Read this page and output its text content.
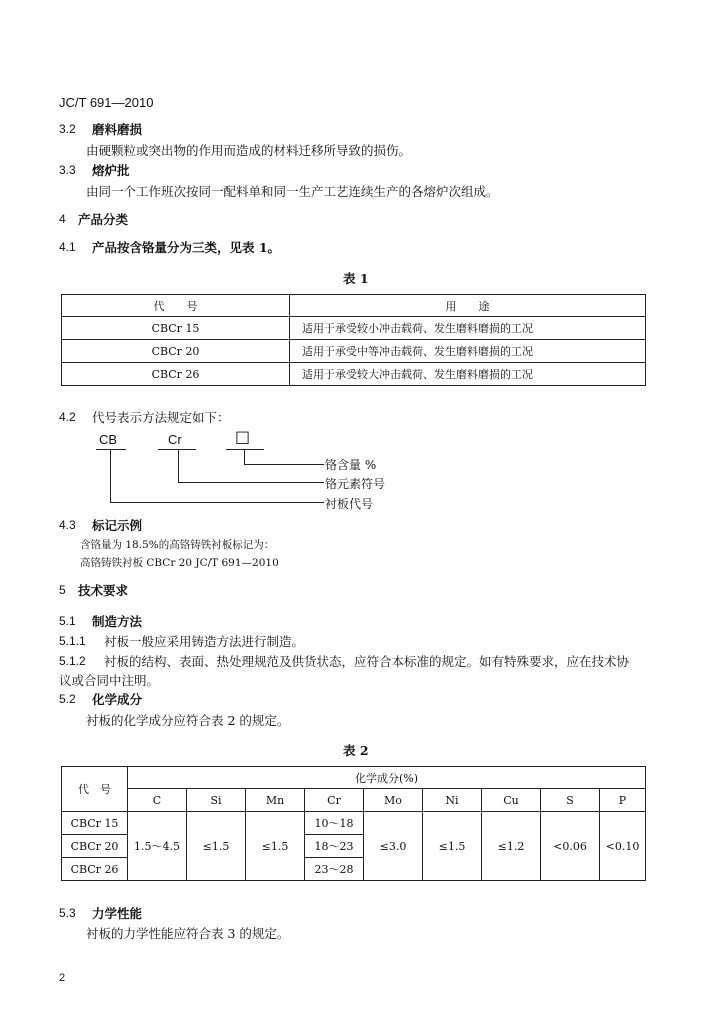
JC/T 691—2010
3.2 磨料磨损
由硬颗粒或突出物的作用而造成的材料迁移所导致的损伤。
3.3 熔炉批
由同一个工作班次按同一配料单和同一生产工艺连续生产的各熔炉次组成。
4 产品分类
4.1 产品按含铬量分为三类，见表 1。
表 1
代　　号	用　　途
CBCr 15	适用于承受较小冲击载荷、发生磨料磨损的工况
CBCr 20	适用于承受中等冲击载荷、发生磨料磨损的工况
CBCr 26	适用于承受较大冲击载荷、发生磨料磨损的工况
4.2 代号表示方法规定如下：
CB	Cr	□
铬含量 %
铬元素符号
衬板代号
4.3 标记示例
含铬量为 18.5%的高铬铸铁衬板标记为：
高铬铸铁衬板 CBCr 20 JC/T 691—2010
5 技术要求
5.1 制造方法
5.1.1 衬板一般应采用铸造方法进行制造。
5.1.2 衬板的结构、表面、热处理规范及供货状态，应符合本标准的规定。如有特殊要求，应在技术协
议或合同中注明。
5.2 化学成分
衬板的化学成分应符合表 2 的规定。
表 2
代　号	化学成分(%)								
	C	Si	Mn	Cr	Mo	Ni	Cu	S	P
CBCr 15	1.5～4.5	≤1.5	≤1.5	10～18	≤3.0	≤1.5	≤1.2	<0.06	<0.10
CBCr 20				18～23					
CBCr 26				23～28					
5.3 力学性能
衬板的力学性能应符合表 3 的规定。
2
